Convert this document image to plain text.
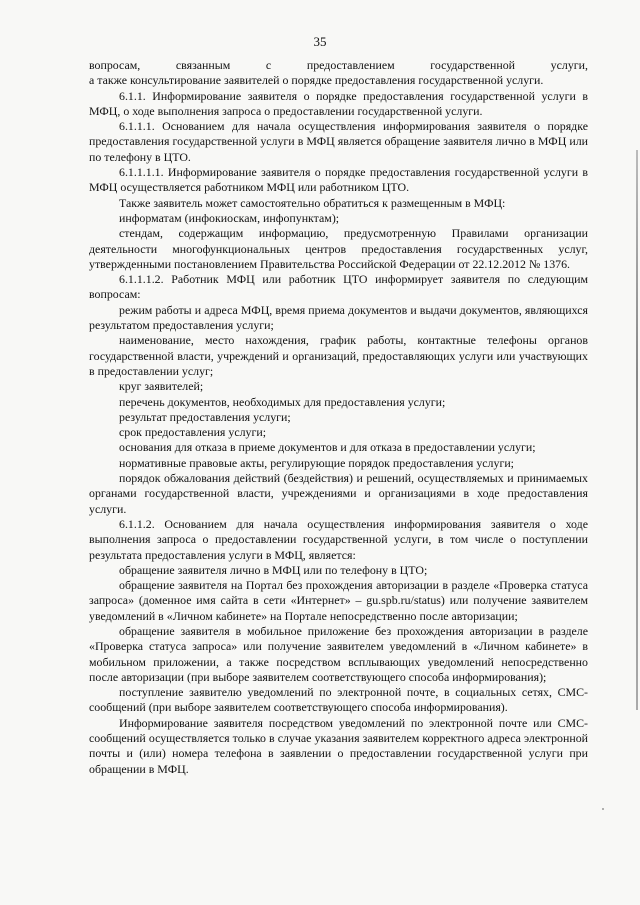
35

вопросам, связанным с предоставлением государственной услуги,

а также консультирование заявителей о порядке предоставления государственной услуги.

6.1.1. Информирование заявителя о порядке предоставления государственной услуги в МФЦ, о ходе выполнения запроса о предоставлении государственной услуги.

6.1.1.1. Основанием для начала осуществления информирования заявителя о порядке предоставления государственной услуги в МФЦ является обращение заявителя лично в МФЦ или по телефону в ЦТО.

6.1.1.1.1. Информирование заявителя о порядке предоставления государственной услуги в МФЦ осуществляется работником МФЦ или работником ЦТО.

Также заявитель может самостоятельно обратиться к размещенным в МФЦ:

информатам (инфокиоскам, инфопунктам);

стендам, содержащим информацию, предусмотренную Правилами организации деятельности многофункциональных центров предоставления государственных услуг, утвержденными постановлением Правительства Российской Федерации от 22.12.2012 № 1376.

6.1.1.1.2. Работник МФЦ или работник ЦТО информирует заявителя по следующим вопросам:

режим работы и адреса МФЦ, время приема документов и выдачи документов, являющихся результатом предоставления услуги;

наименование, место нахождения, график работы, контактные телефоны органов государственной власти, учреждений и организаций, предоставляющих услуги или участвующих в предоставлении услуг;

круг заявителей;

перечень документов, необходимых для предоставления услуги;

результат предоставления услуги;

срок предоставления услуги;

основания для отказа в приеме документов и для отказа в предоставлении услуги;

нормативные правовые акты, регулирующие порядок предоставления услуги;

порядок обжалования действий (бездействия) и решений, осуществляемых и принимаемых органами государственной власти, учреждениями и организациями в ходе предоставления услуги.

6.1.1.2. Основанием для начала осуществления информирования заявителя о ходе выполнения запроса о предоставлении государственной услуги, в том числе о поступлении результата предоставления услуги в МФЦ, является:

обращение заявителя лично в МФЦ или по телефону в ЦТО;

обращение заявителя на Портал без прохождения авторизации в разделе «Проверка статуса запроса» (доменное имя сайта в сети «Интернет» – gu.spb.ru/status) или получение заявителем уведомлений в «Личном кабинете» на Портале непосредственно после авторизации;

обращение заявителя в мобильное приложение без прохождения авторизации в разделе «Проверка статуса запроса» или получение заявителем уведомлений в «Личном кабинете» в мобильном приложении, а также посредством всплывающих уведомлений непосредственно после авторизации (при выборе заявителем соответствующего способа информирования);

поступление заявителю уведомлений по электронной почте, в социальных сетях, СМС-сообщений (при выборе заявителем соответствующего способа информирования).

Информирование заявителя посредством уведомлений по электронной почте или СМС-сообщений осуществляется только в случае указания заявителем корректного адреса электронной почты и (или) номера телефона в заявлении о предоставлении государственной услуги при обращении в МФЦ.
